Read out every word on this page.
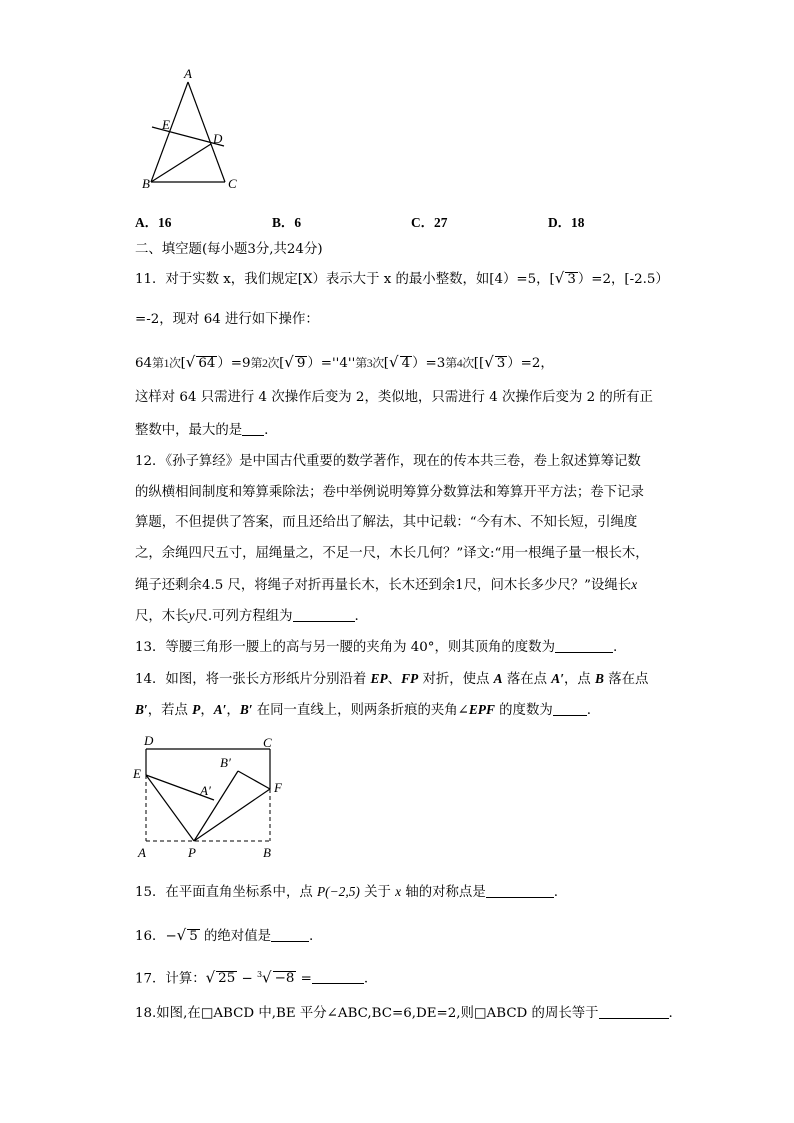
A
E
D
B	C
A．16	B．6	C．27	D．18
二、填空题(每小题3分,共24分)
11．对于实数 x，我们规定[X）表示大于 x 的最小整数，如[4）=5，[√ 3 ）=2，[-2.5）
=-2，现对 64 进行如下操作：
64第1次[√ 64 ）=9第2次[√ 9 ）=''4''第3次[√ 4 ）=3第4次[[√ 3 ）=2，
这样对 64 只需进行 4 次操作后变为 2，类似地，只需进行 4 次操作后变为 2 的所有正
整数中，最大的是 .
12．《孙子算经》是中国古代重要的数学著作，现在的传本共三卷，卷上叙述算筹记数
的纵横相间制度和筹算乘除法；卷中举例说明筹算分数算法和筹算开平方法；卷下记录
算题，不但提供了答案，而且还给出了解法，其中记载：“今有木、不知长短，引绳度
之，余绳四尺五寸，屈绳量之，不足一尺，木长几何？”译文:“用一根绳子量一根长木，
绳子还剩余4.5 尺，将绳子对折再量长木，长木还到余1尺，问木长多少尺？”设绳长x
尺，木长y尺.可列方程组为	.
13．等腰三角形一腰上的高与另一腰的夹角为 40°，则其顶角的度数为	.
14．如图，将一张长方形纸片分别沿着 EP、FP 对折，使点 A 落在点 A′，点 B 落在点
B′，若点 P，A′，B′ 在同一直线上，则两条折痕的夹角∠EPF 的度数为	.
D	C
E
B′
A′	F
A	P	B
15．在平面直角坐标系中，点 P(−2,5) 关于 x 轴的对称点是	.
16．−√ 5 的绝对值是	.
17．计算：√ 25 − $^3$√ −8 =	.
18.如图,在□ABCD 中,BE 平分∠ABC,BC=6,DE=2,则□ABCD 的周长等于	.
